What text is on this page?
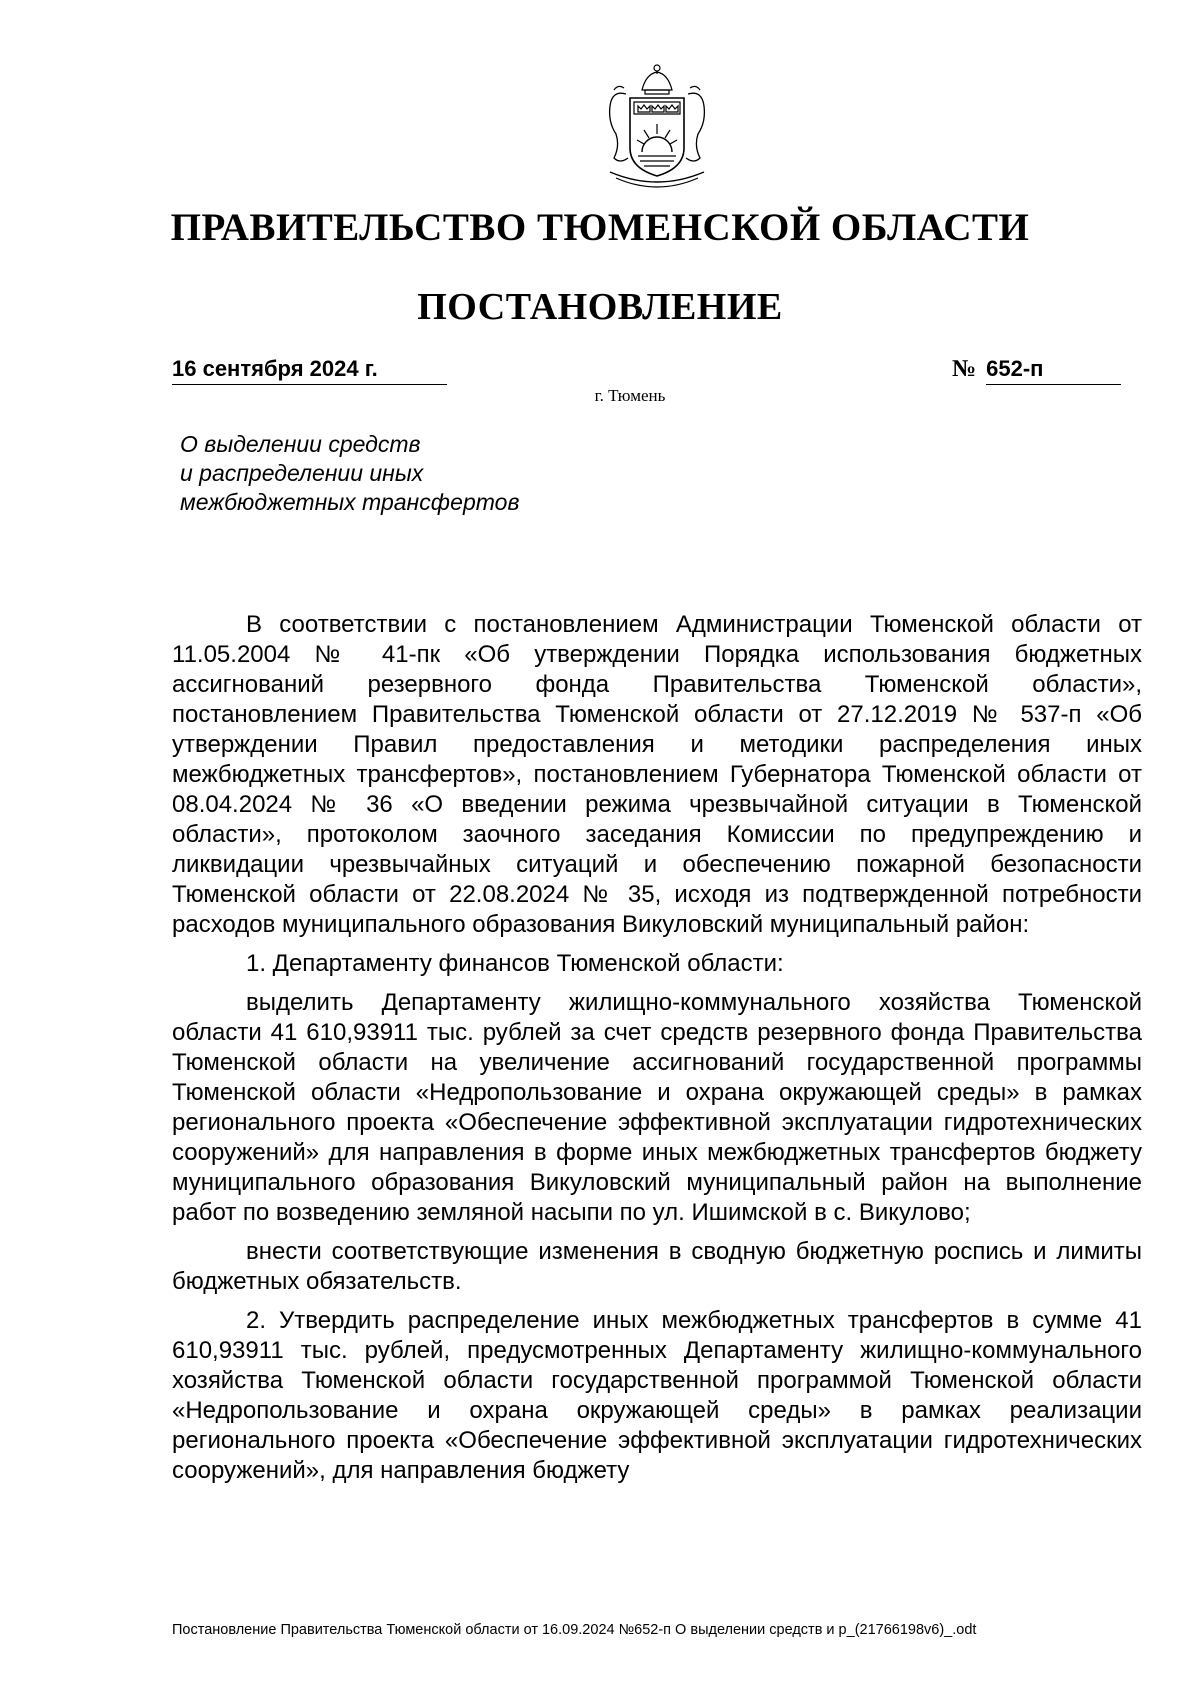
ПРАВИТЕЛЬСТВО ТЮМЕНСКОЙ ОБЛАСТИ
ПОСТАНОВЛЕНИЕ
16 сентября 2024 г.	№ 652-п
г. Тюмень
О выделении средств
и распределении иных
межбюджетных трансфертов

В соответствии с постановлением Администрации Тюменской области от 11.05.2004 № 41-пк «Об утверждении Порядка использования бюджетных ассигнований резервного фонда Правительства Тюменской области», постановлением Правительства Тюменской области от 27.12.2019 № 537-п «Об утверждении Правил предоставления и методики распределения иных межбюджетных трансфертов», постановлением Губернатора Тюменской области от 08.04.2024 № 36 «О введении режима чрезвычайной ситуации в Тюменской области», протоколом заочного заседания Комиссии по предупреждению и ликвидации чрезвычайных ситуаций и обеспечению пожарной безопасности Тюменской области от 22.08.2024 № 35, исходя из подтвержденной потребности расходов муниципального образования Викуловский муниципальный район:

1. Департаменту финансов Тюменской области:

выделить Департаменту жилищно-коммунального хозяйства Тюменской области 41 610,93911 тыс. рублей за счет средств резервного фонда Правительства Тюменской области на увеличение ассигнований государственной программы Тюменской области «Недропользование и охрана окружающей среды» в рамках регионального проекта «Обеспечение эффективной эксплуатации гидротехнических сооружений» для направления в форме иных межбюджетных трансфертов бюджету муниципального образования Викуловский муниципальный район на выполнение работ по возведению земляной насыпи по ул. Ишимской в с. Викулово;

внести соответствующие изменения в сводную бюджетную роспись и лимиты бюджетных обязательств.

2. Утвердить распределение иных межбюджетных трансфертов в сумме 41 610,93911 тыс. рублей, предусмотренных Департаменту жилищно-коммунального хозяйства Тюменской области государственной программой Тюменской области «Недропользование и охрана окружающей среды» в рамках реализации регионального проекта «Обеспечение эффективной эксплуатации гидротехнических сооружений», для направления бюджету

Постановление Правительства Тюменской области от 16.09.2024 №652-п О выделении средств и р_(21766198v6)_.odt
